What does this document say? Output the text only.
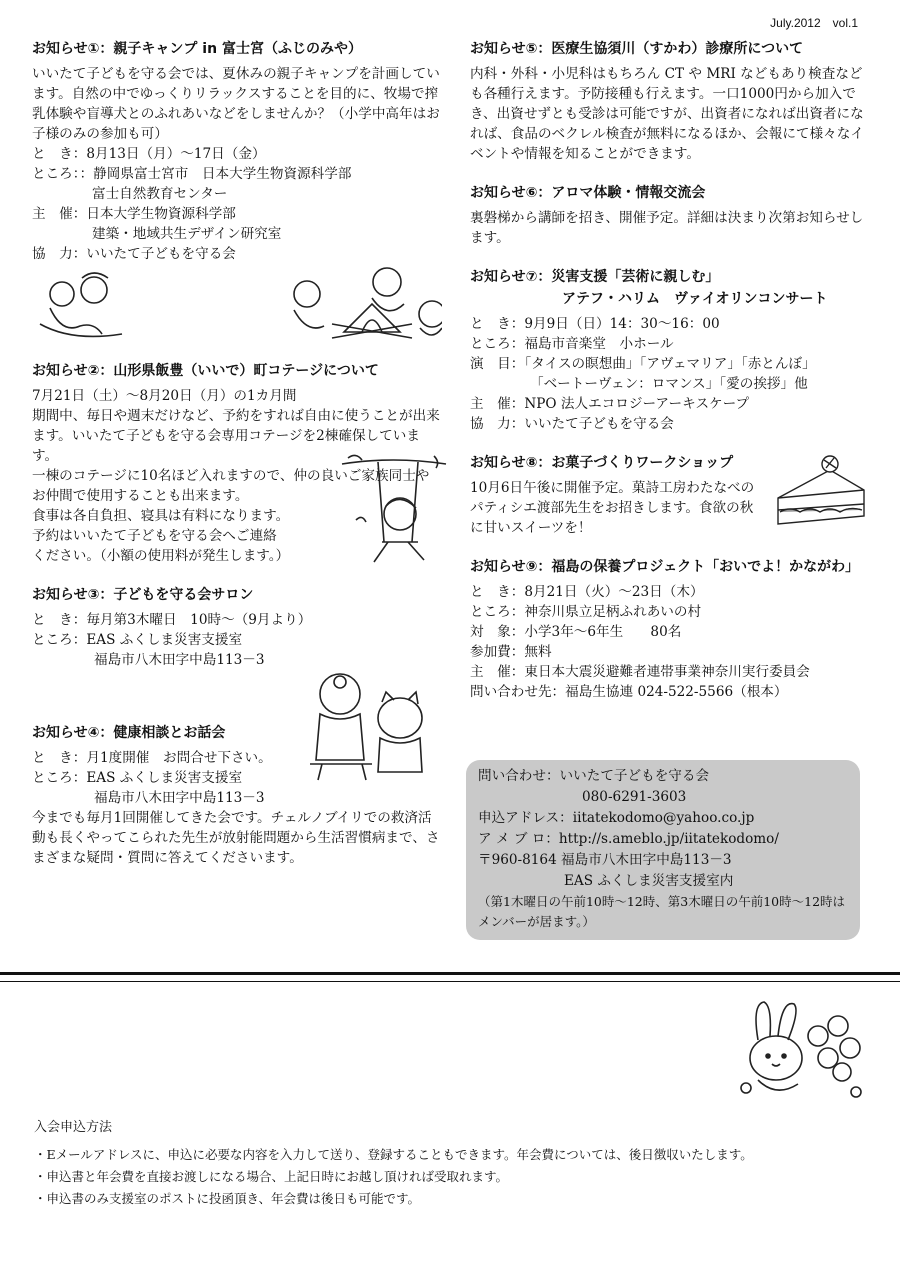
July.2012　vol.1
お知らせ①：親子キャンプ in 富士宮（ふじのみや）

いいたて子どもを守る会では、夏休みの親子キャンプを計画しています。自然の中でゆっくりリラックスすることを目的に、牧場で搾乳体験や盲導犬とのふれあいなどをしませんか？（小学中高年はお子様のみの参加も可）

と　き：8月13日（月）～17日（金）
ところ：：静岡県富士宮市　日本大学生物資源科学部
富士自然教育センター
主　催：日本大学生物資源科学部
建築・地域共生デザイン研究室
協　力：いいたて子どもを守る会
お知らせ②：山形県飯豊（いいで）町コテージについて
7月21日（土）～8月20日（月）の1カ月間

期間中、毎日や週末だけなど、予約をすれば自由に使うことが出来ます。いいたて子どもを守る会専用コテージを2棟確保しています。

一棟のコテージに10名ほど入れますので、仲の良いご家族同士やお仲間で使用することも出来ます。

食事は各自負担、寝具は有料になります。
予約はいいたて子どもを守る会へご連絡
ください。（小額の使用料が発生します。）
お知らせ③：子どもを守る会サロン
と　き：毎月第3木曜日　10時～（9月より）
ところ：EAS ふくしま災害支援室
福島市八木田字中島113－3
お知らせ④：健康相談とお話会
と　き：月1度開催　お問合せ下さい。
ところ：EAS ふくしま災害支援室
福島市八木田字中島113－3

今までも毎月1回開催してきた会です。チェルノブイリでの救済活動も長くやってこられた先生が放射能問題から生活習慣病まで、さまざまな疑問・質問に答えてくださいます。

お知らせ⑤：医療生協須川（すかわ）診療所について

内科・外科・小児科はもちろん CT や MRI などもあり検査なども各種行えます。予防接種も行えます。一口1000円から加入でき、出資せずとも受診は可能ですが、出資者になれば出資者になれば、食品のベクレル検査が無料になるほか、会報にて様々なイベントや情報を知ることができます。

お知らせ⑥：アロマ体験・情報交流会

裏磐梯から講師を招き、開催予定。詳細は決まり次第お知らせします。

お知らせ⑦：災害支援「芸術に親しむ」
アテフ・ハリム　ヴァイオリンコンサート
と　き：9月9日（日）14：30～16：00
ところ：福島市音楽堂　小ホール
演　目：「タイスの瞑想曲」「アヴェマリア」「赤とんぼ」
「ベートーヴェン：ロマンス」「愛の挨拶」他
主　催：NPO 法人エコロジーアーキスケープ
協　力：いいたて子どもを守る会
お知らせ⑧：お菓子づくりワークショップ

10月6日午後に開催予定。菓詩工房わたなべのパティシエ渡部先生をお招きします。食欲の秋に甘いスイーツを！

お知らせ⑨：福島の保養プロジェクト「おいでよ！かながわ」
と　き：8月21日（火）～23日（木）
ところ：神奈川県立足柄ふれあいの村
対　象：小学3年～6年生　　80名
参加費：無料
主　催：東日本大震災避難者連帯事業神奈川実行委員会
問い合わせ先：福島生協連 024-522-5566（根本）
問い合わせ：いいたて子どもを守る会
080-6291-3603
申込アドレス：iitatekodomo@yahoo.co.jp
ア メ ブ ロ：http://s.ameblo.jp/iitatekodomo/
〒960-8164 福島市八木田字中島113－3
EAS ふくしま災害支援室内
（第1木曜日の午前10時～12時、第3木曜日の午前10時～12時はメンバーが居ます。）
入会申込方法
・Eメールアドレスに、申込に必要な内容を入力して送り、登録することもできます。年会費については、後日徴収いたします。
・申込書と年会費を直接お渡しになる場合、上記日時にお越し頂ければ受取れます。
・申込書のみ支援室のポストに投函頂き、年会費は後日も可能です。
